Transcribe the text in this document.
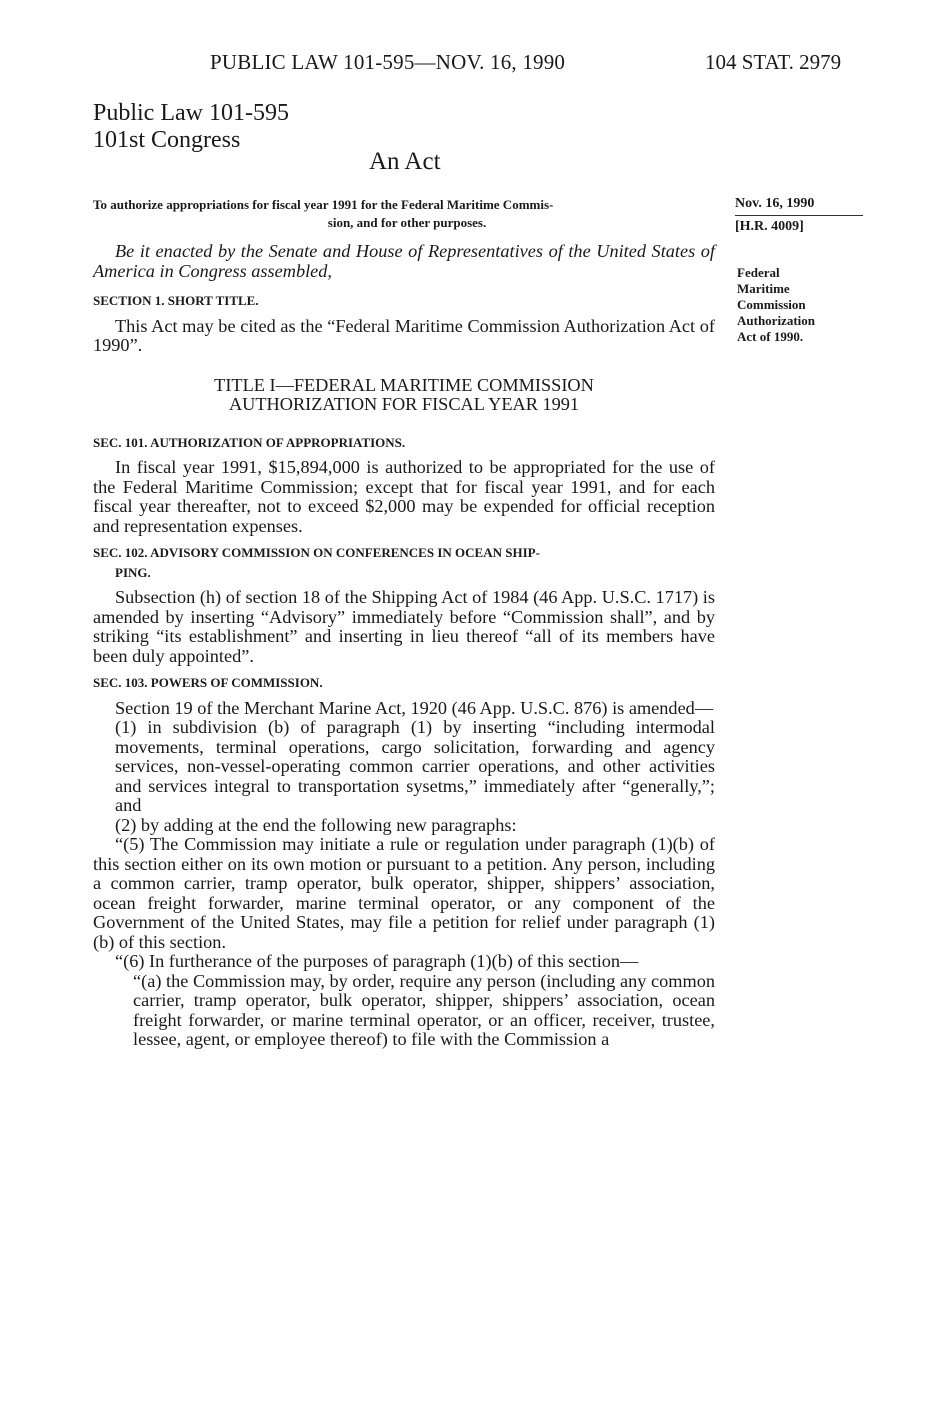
PUBLIC LAW 101-595—NOV. 16, 1990	104 STAT. 2979
Public Law 101-595
101st Congress
An Act
To authorize appropriations for fiscal year 1991 for the Federal Maritime Commis-
sion, and for other purposes.
Nov. 16, 1990
[H.R. 4009]
Federal
Maritime
Commission
Authorization
Act of 1990.

Be it enacted by the Senate and House of Representatives of the United States of America in Congress assembled,

SECTION 1. SHORT TITLE.

This Act may be cited as the “Federal Maritime Commission Authorization Act of 1990”.

TITLE I—FEDERAL MARITIME COMMISSION
AUTHORIZATION FOR FISCAL YEAR 1991

SEC. 101. AUTHORIZATION OF APPROPRIATIONS.

In fiscal year 1991, $15,894,000 is authorized to be appropriated for the use of the Federal Maritime Commission; except that for fiscal year 1991, and for each fiscal year thereafter, not to exceed $2,000 may be expended for official reception and representation expenses.

SEC. 102. ADVISORY COMMISSION ON CONFERENCES IN OCEAN SHIP-
PING.

Subsection (h) of section 18 of the Shipping Act of 1984 (46 App. U.S.C. 1717) is amended by inserting “Advisory” immediately before “Commission shall”, and by striking “its establishment” and inserting in lieu thereof “all of its members have been duly appointed”.

SEC. 103. POWERS OF COMMISSION.

Section 19 of the Merchant Marine Act, 1920 (46 App. U.S.C. 876) is amended—

(1) in subdivision (b) of paragraph (1) by inserting “including intermodal movements, terminal operations, cargo solicitation, forwarding and agency services, non-vessel-operating common carrier operations, and other activities and services integral to transportation sysetms,” immediately after “generally,”; and

(2) by adding at the end the following new paragraphs:

“(5) The Commission may initiate a rule or regulation under paragraph (1)(b) of this section either on its own motion or pursuant to a petition. Any person, including a common carrier, tramp operator, bulk operator, shipper, shippers’ association, ocean freight forwarder, marine terminal operator, or any component of the Government of the United States, may file a petition for relief under paragraph (1)(b) of this section.

“(6) In furtherance of the purposes of paragraph (1)(b) of this section—

“(a) the Commission may, by order, require any person (including any common carrier, tramp operator, bulk operator, shipper, shippers’ association, ocean freight forwarder, or marine terminal operator, or an officer, receiver, trustee, lessee, agent, or employee thereof) to file with the Commission a
